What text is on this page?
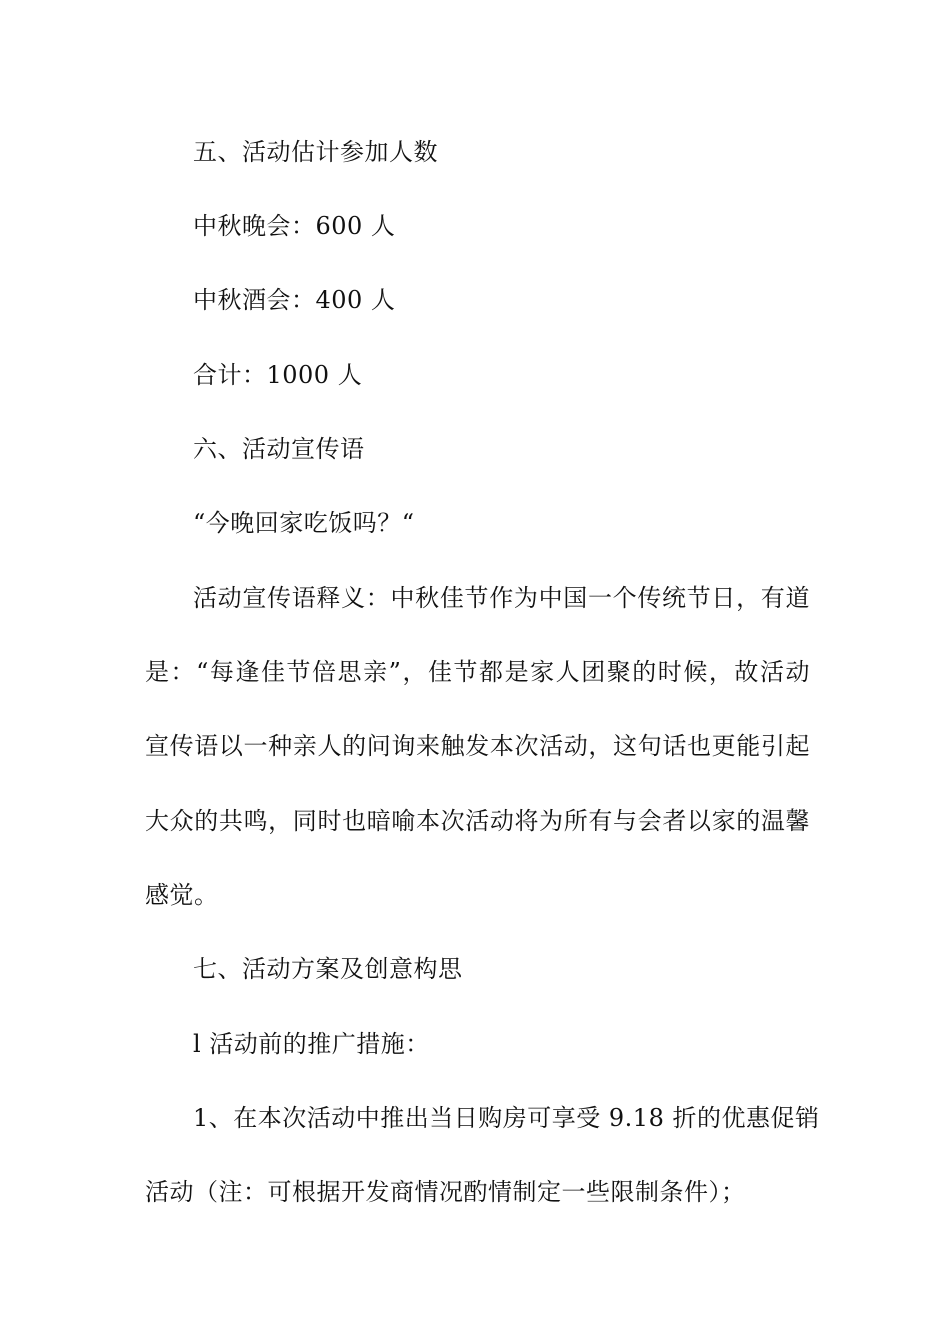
五、活动估计参加人数
中秋晚会：600 人
中秋酒会：400 人
合计：1000 人
六、活动宣传语
“今晚回家吃饭吗？“
活动宣传语释义：中秋佳节作为中国一个传统节日，有道
是：“每逢佳节倍思亲”，佳节都是家人团聚的时候，故活动
宣传语以一种亲人的问询来触发本次活动，这句话也更能引起
大众的共鸣，同时也暗喻本次活动将为所有与会者以家的温馨
感觉。
七、活动方案及创意构思
l 活动前的推广措施：
1、在本次活动中推出当日购房可享受 9.18 折的优惠促销
活动（注：可根据开发商情况酌情制定一些限制条件）；
